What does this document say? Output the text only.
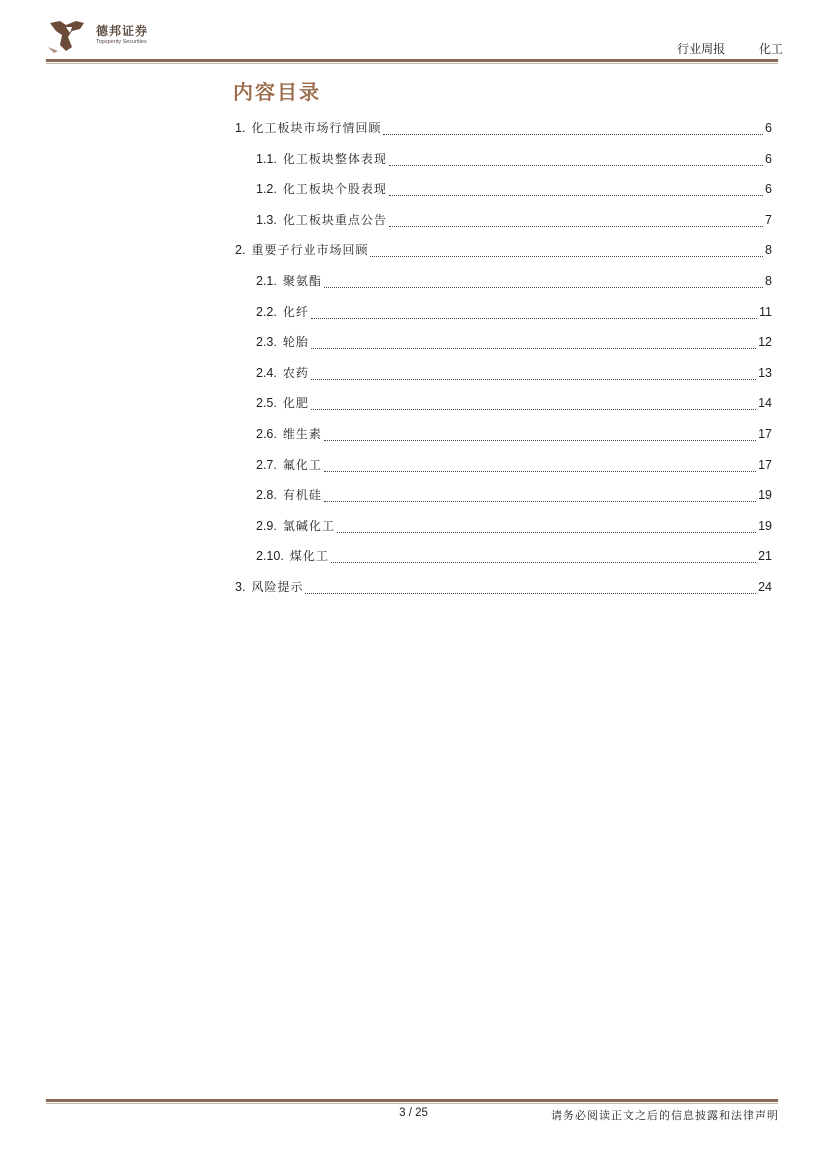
德邦证券
Topsperity Securities	行业周报	化工
内容目录
1. 化工板块市场行情回顾	6
1.1. 化工板块整体表现	6
1.2. 化工板块个股表现	6
1.3. 化工板块重点公告	7
2. 重要子行业市场回顾	8
2.1. 聚氨酯	8
2.2. 化纤	11
2.3. 轮胎	12
2.4. 农药	13
2.5. 化肥	14
2.6. 维生素	17
2.7. 氟化工	17
2.8. 有机硅	19
2.9. 氯碱化工	19
2.10. 煤化工	21
3. 风险提示	24
3 / 25	请务必阅读正文之后的信息披露和法律声明
